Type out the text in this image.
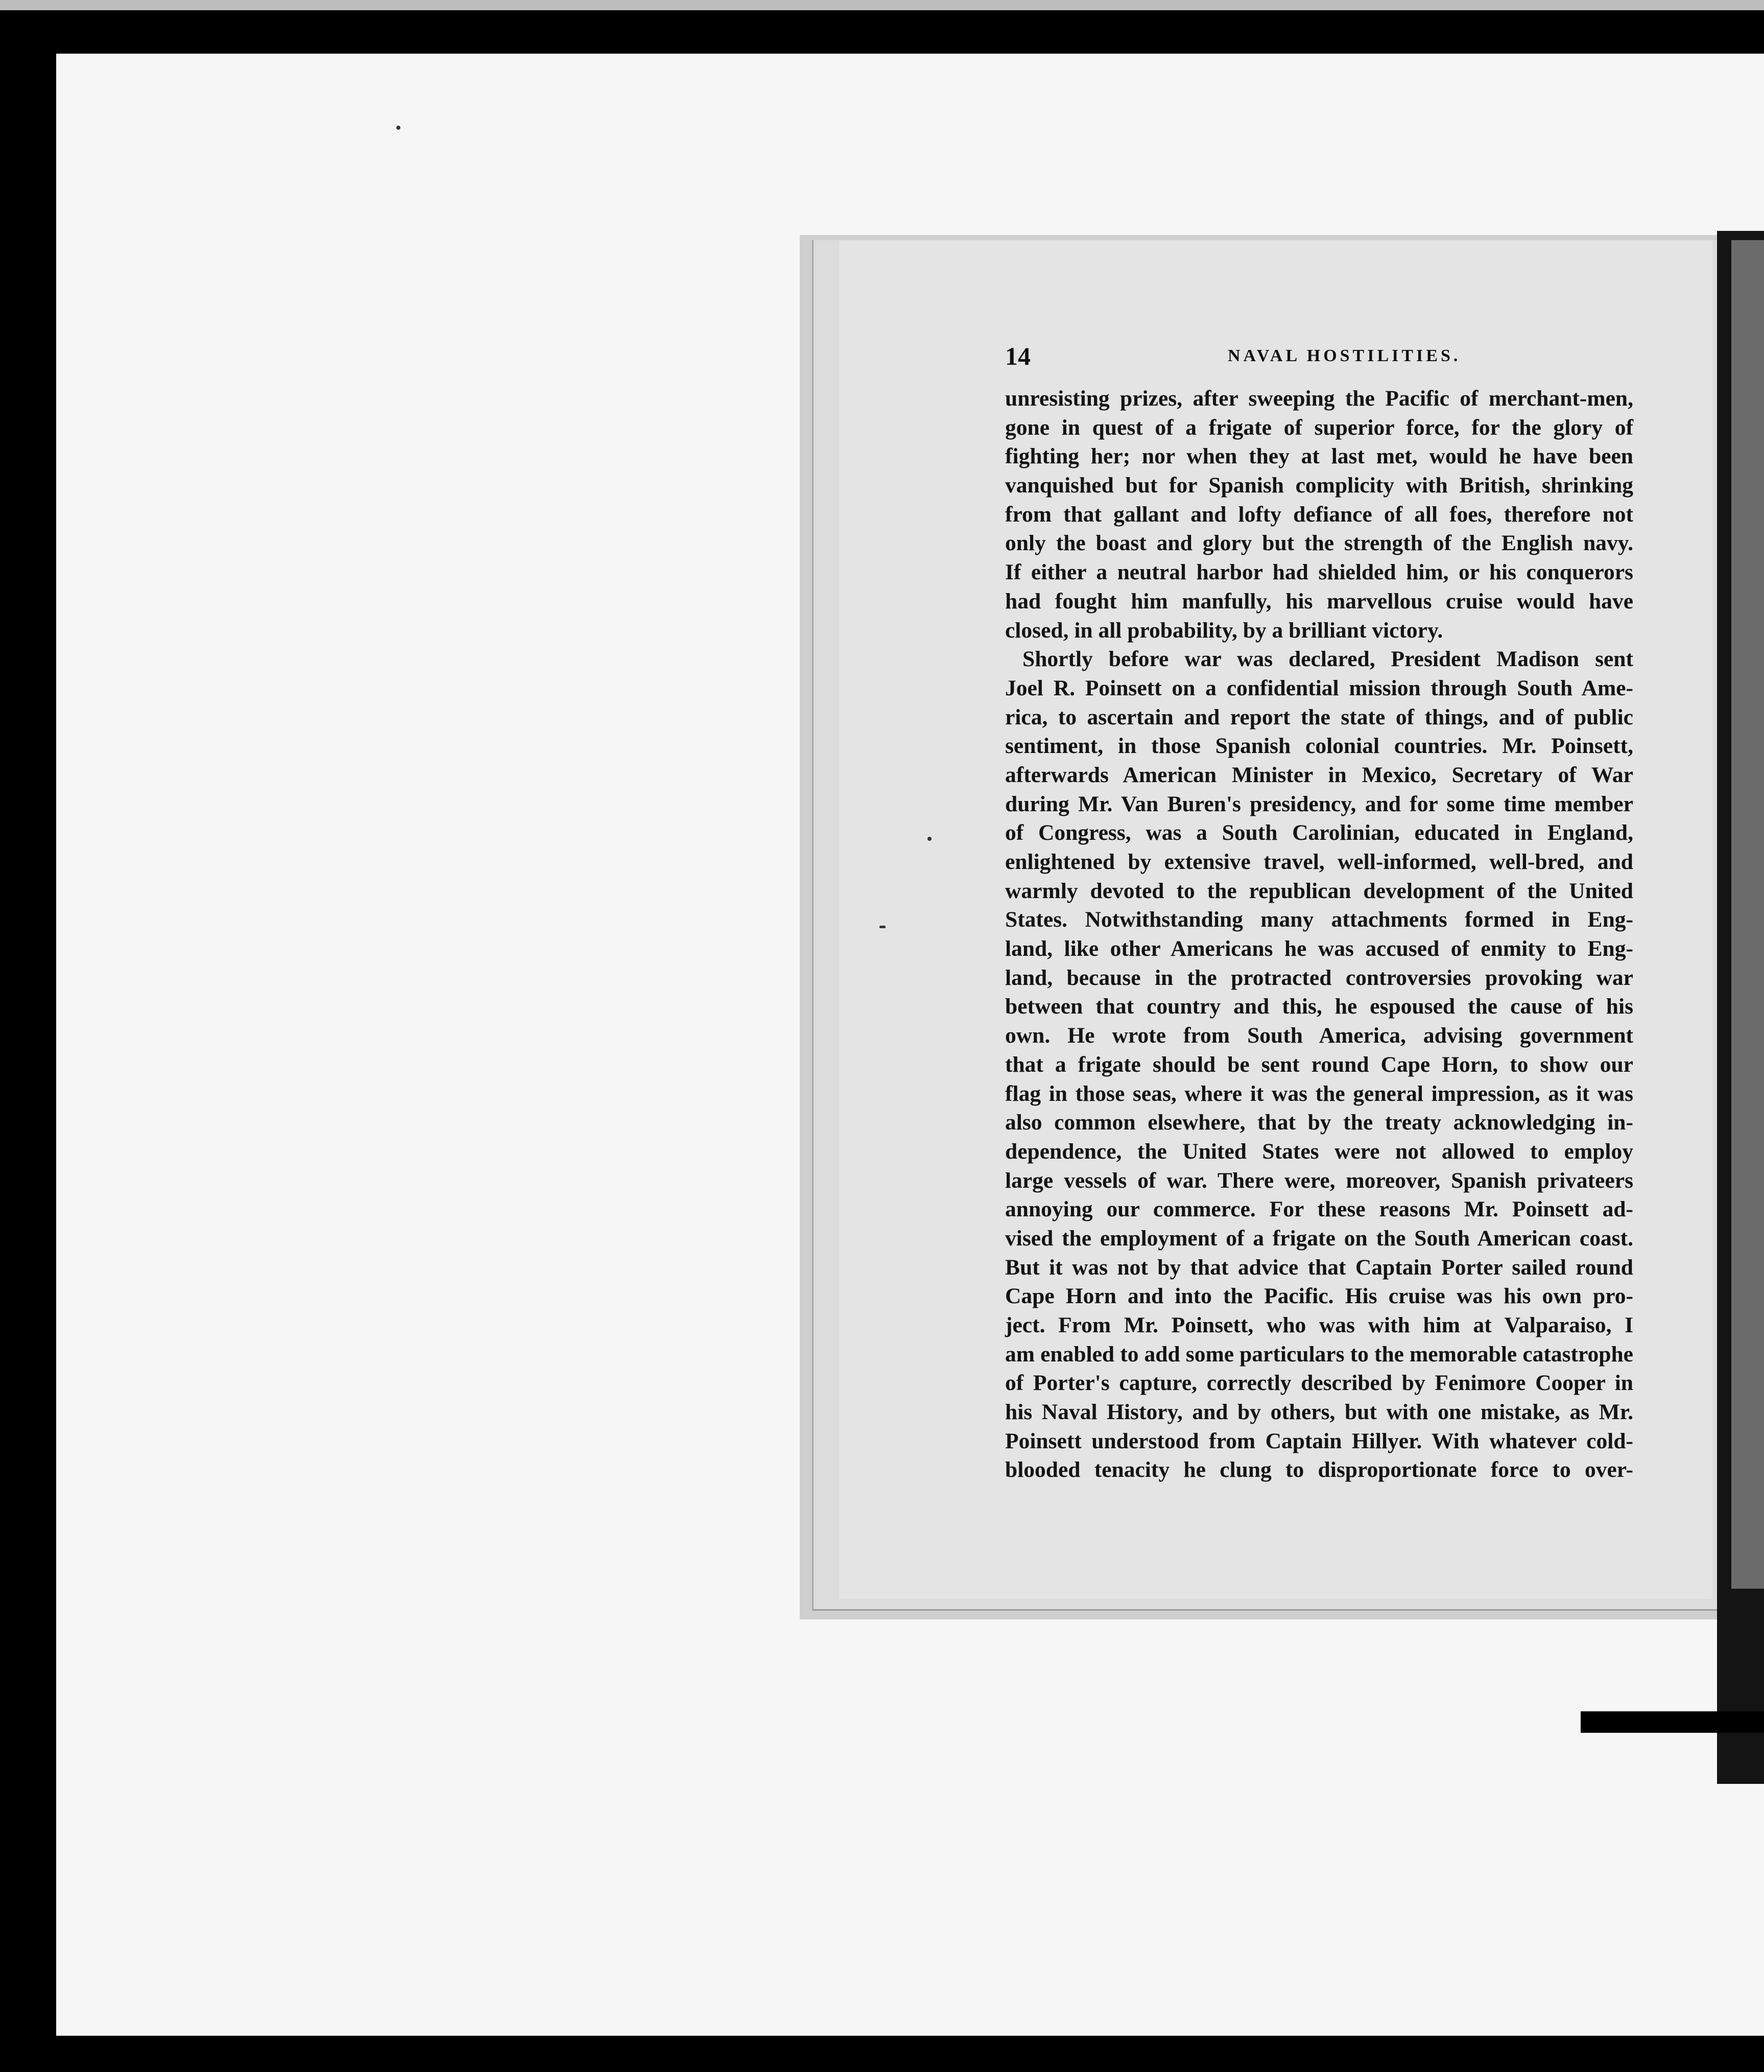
14	NAVAL HOSTILITIES.
unresisting prizes, after sweeping the Pacific of merchant-men,
gone in quest of a frigate of superior force, for the glory of
fighting her; nor when they at last met, would he have been
vanquished but for Spanish complicity with British, shrinking
from that gallant and lofty defiance of all foes, therefore not
only the boast and glory but the strength of the English navy.
If either a neutral harbor had shielded him, or his conquerors
had fought him manfully, his marvellous cruise would have
closed, in all probability, by a brilliant victory.
Shortly before war was declared, President Madison sent
Joel R. Poinsett on a confidential mission through South Ame-
rica, to ascertain and report the state of things, and of public
sentiment, in those Spanish colonial countries. Mr. Poinsett,
afterwards American Minister in Mexico, Secretary of War
during Mr. Van Buren's presidency, and for some time member
of Congress, was a South Carolinian, educated in England,
enlightened by extensive travel, well-informed, well-bred, and
warmly devoted to the republican development of the United
States. Notwithstanding many attachments formed in Eng-
land, like other Americans he was accused of enmity to Eng-
land, because in the protracted controversies provoking war
between that country and this, he espoused the cause of his
own. He wrote from South America, advising government
that a frigate should be sent round Cape Horn, to show our
flag in those seas, where it was the general impression, as it was
also common elsewhere, that by the treaty acknowledging in-
dependence, the United States were not allowed to employ
large vessels of war. There were, moreover, Spanish privateers
annoying our commerce. For these reasons Mr. Poinsett ad-
vised the employment of a frigate on the South American coast.
But it was not by that advice that Captain Porter sailed round
Cape Horn and into the Pacific. His cruise was his own pro-
ject. From Mr. Poinsett, who was with him at Valparaiso, I
am enabled to add some particulars to the memorable catastrophe
of Porter's capture, correctly described by Fenimore Cooper in
his Naval History, and by others, but with one mistake, as Mr.
Poinsett understood from Captain Hillyer. With whatever cold-
blooded tenacity he clung to disproportionate force to over-
